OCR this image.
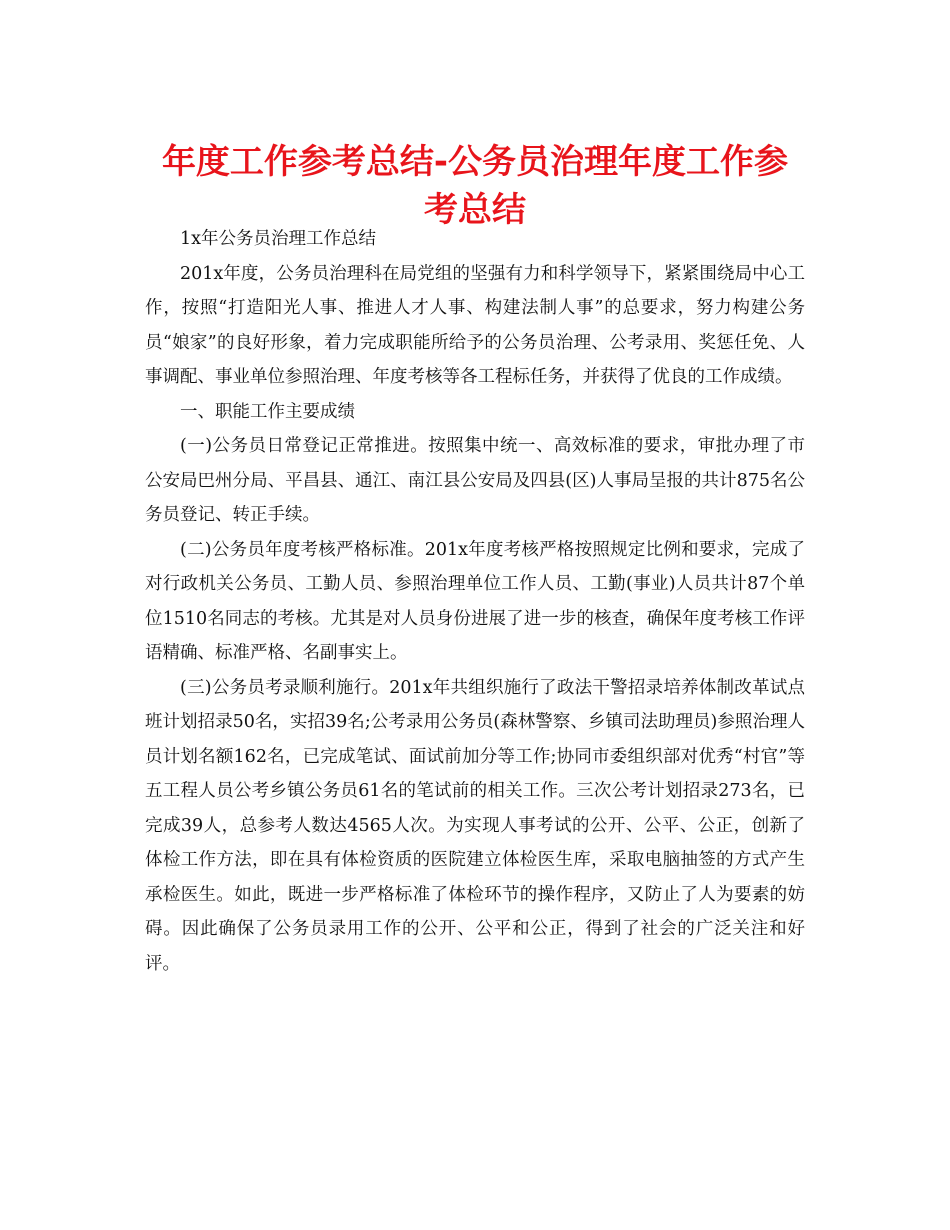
年度工作参考总结-公务员治理年度工作参考总结

1x年公务员治理工作总结

201x年度，公务员治理科在局党组的坚强有力和科学领导下，紧紧围绕局中心工作，按照“打造阳光人事、推进人才人事、构建法制人事”的总要求，努力构建公务员“娘家”的良好形象，着力完成职能所给予的公务员治理、公考录用、奖惩任免、人事调配、事业单位参照治理、年度考核等各工程标任务，并获得了优良的工作成绩。

一、职能工作主要成绩

(一)公务员日常登记正常推进。按照集中统一、高效标准的要求，审批办理了市公安局巴州分局、平昌县、通江、南江县公安局及四县(区)人事局呈报的共计875名公务员登记、转正手续。

(二)公务员年度考核严格标准。201x年度考核严格按照规定比例和要求，完成了对行政机关公务员、工勤人员、参照治理单位工作人员、工勤(事业)人员共计87个单位1510名同志的考核。尤其是对人员身份进展了进一步的核查，确保年度考核工作评语精确、标准严格、名副事实上。

(三)公务员考录顺利施行。201x年共组织施行了政法干警招录培养体制改革试点班计划招录50名，实招39名;公考录用公务员(森林警察、乡镇司法助理员)参照治理人员计划名额162名，已完成笔试、面试前加分等工作;协同市委组织部对优秀“村官”等五工程人员公考乡镇公务员61名的笔试前的相关工作。三次公考计划招录273名，已完成39人，总参考人数达4565人次。为实现人事考试的公开、公平、公正，创新了体检工作方法，即在具有体检资质的医院建立体检医生库，采取电脑抽签的方式产生承检医生。如此，既进一步严格标准了体检环节的操作程序，又防止了人为要素的妨碍。因此确保了公务员录用工作的公开、公平和公正，得到了社会的广泛关注和好评。
